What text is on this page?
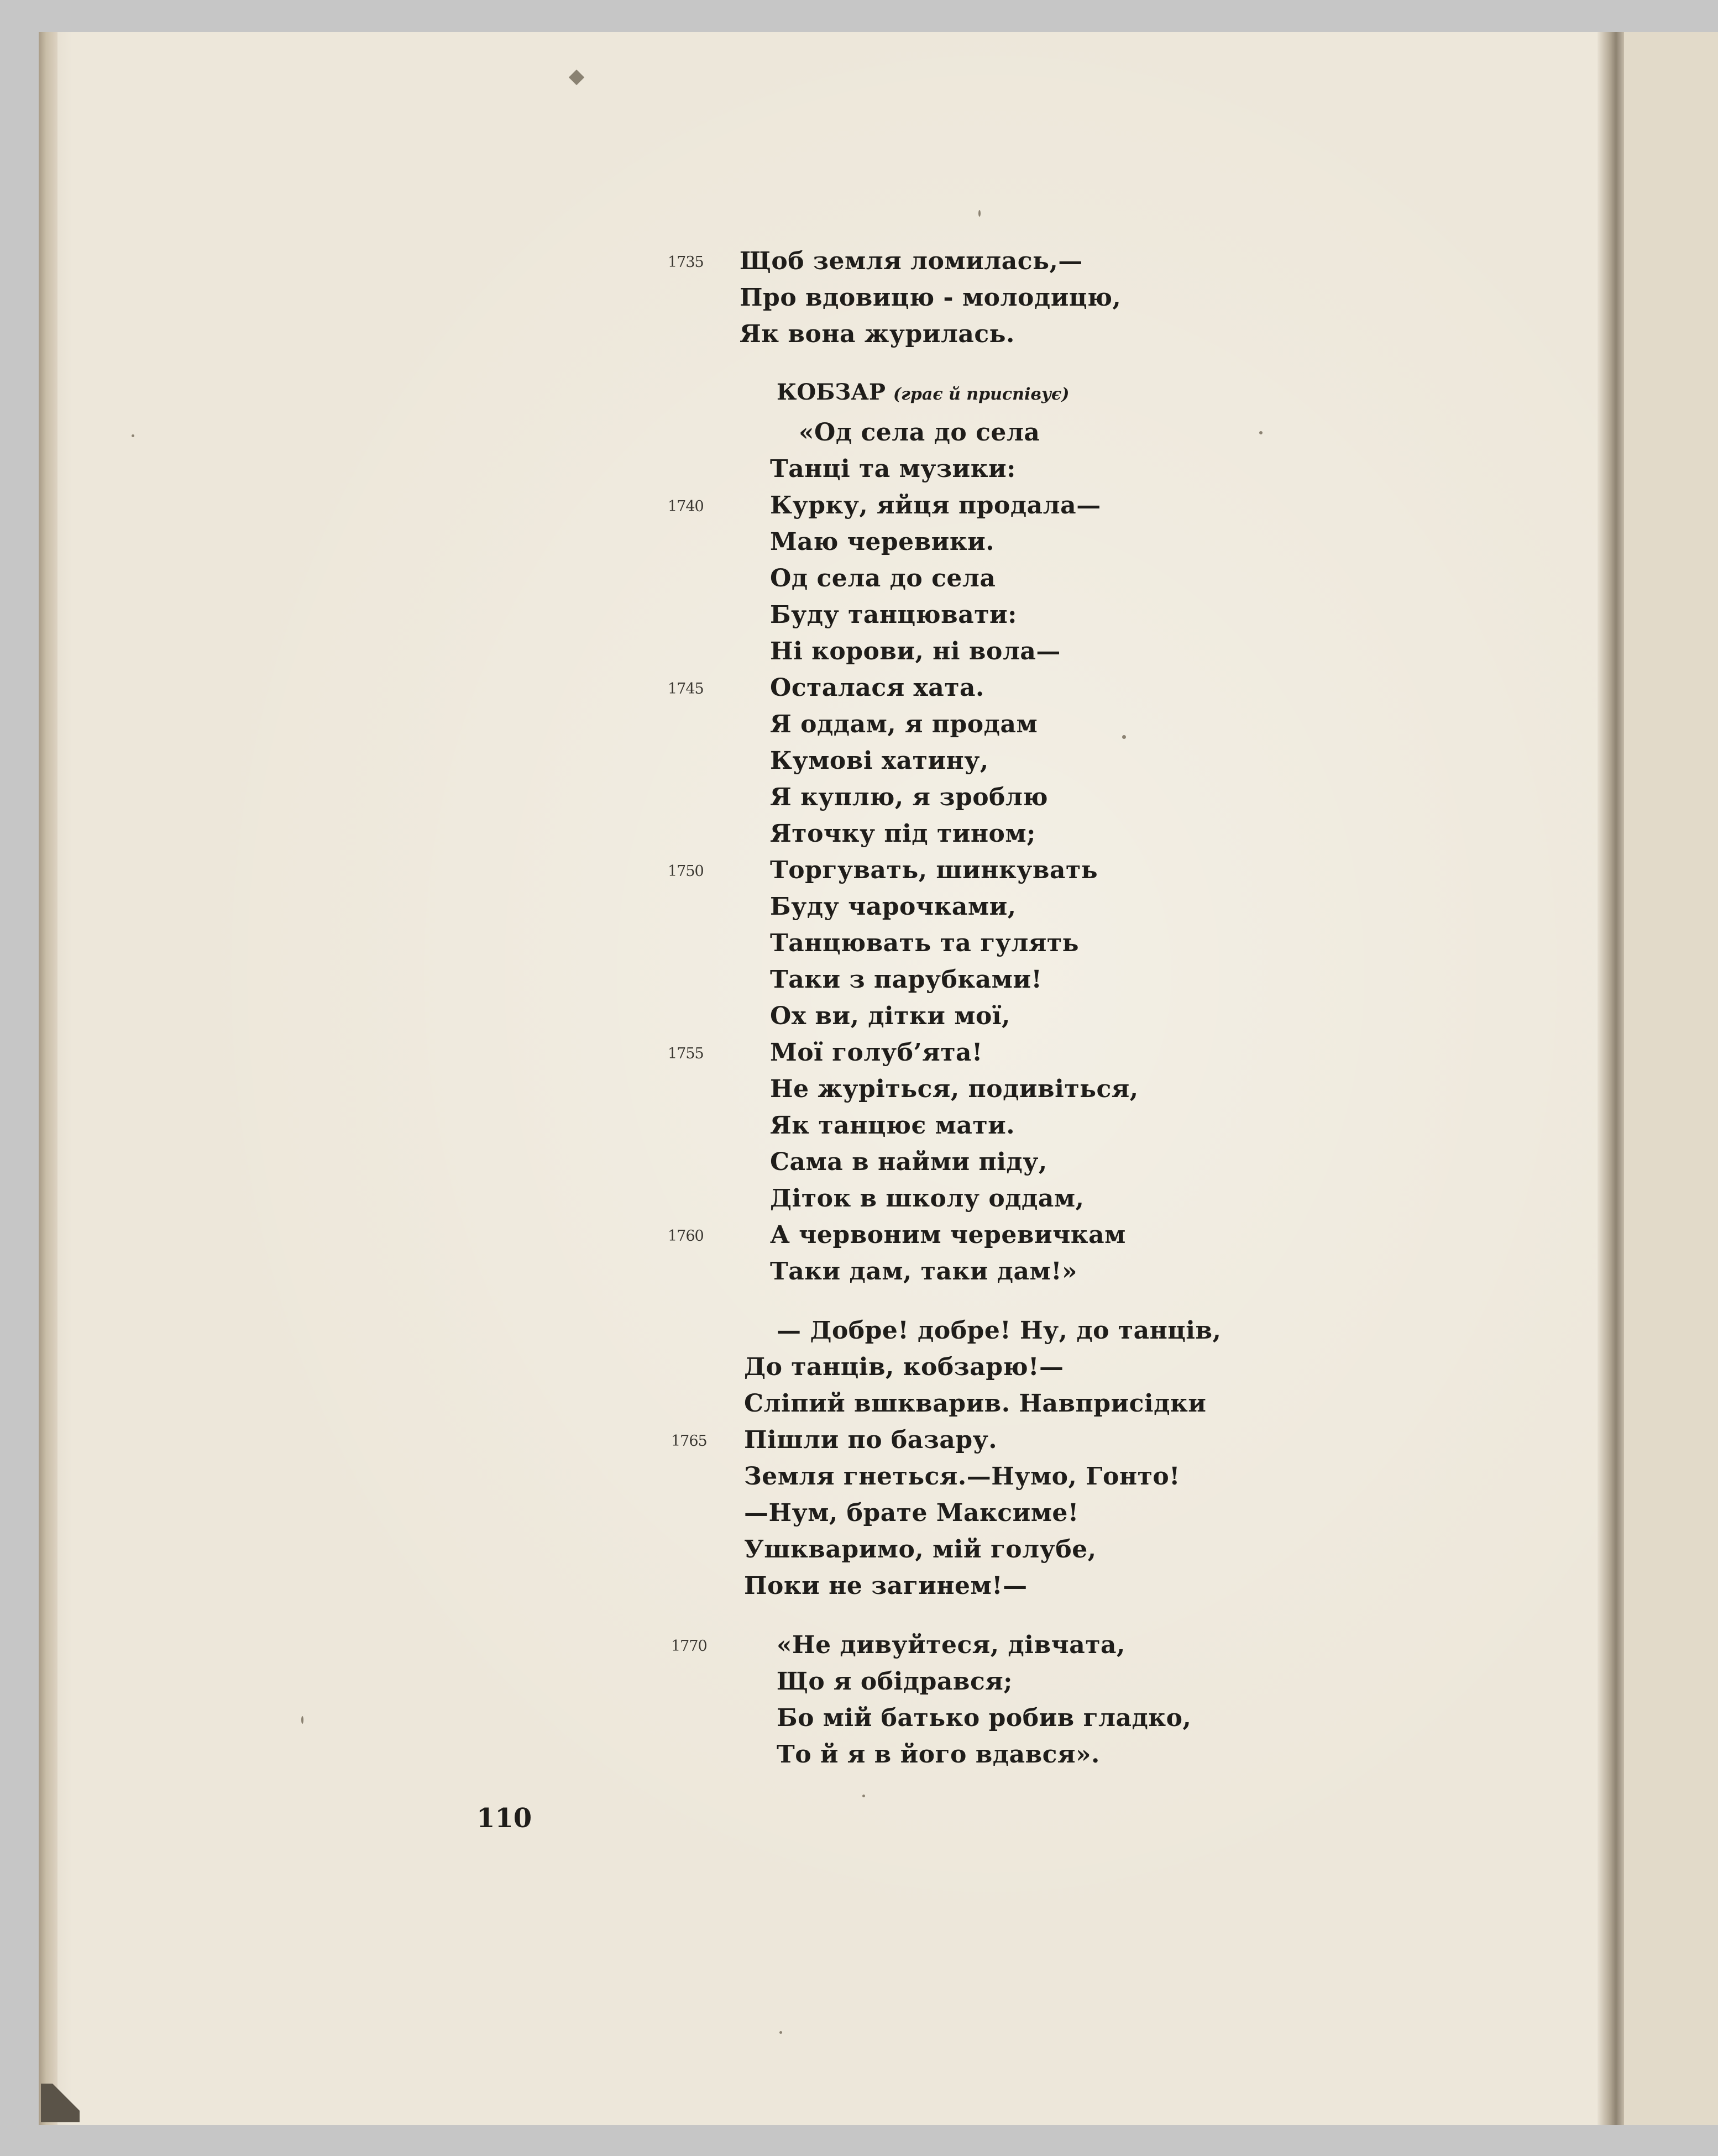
1735 Щоб земля ломилась,—
Про вдовицю - молодицю,
Як вона журилась.
КОБЗАР (грає й приспівує)
«Од села до села
Танці та музики:
1740	Курку, яйця продала—
Маю черевики.
Од села до села
Буду танцювати:
Ні корови, ні вола—
1745	Осталася хата.
Я оддам, я продам
Кумові хатину,
Я куплю, я зроблю
Яточку під тином;
1750	Торгувать, шинкувать
Буду чарочками,
Танцювать та гулять
Таки з парубками!
Ох ви, дітки мої,
1755	Мої голуб’ята!
Не журіться, подивіться,
Як танцює мати.
Сама в найми піду,
Діток в школу оддам,
1760	А червоним черевичкам
Таки дам, таки дам!»
— Добре! добре! Ну, до танців,
До танців, кобзарю!—
Сліпий вшкварив. Навприсідки
1765 Пішли по базару.
Земля гнеться.—Нумо, Гонто!
—Нум, брате Максиме!
Ушкваримо, мій голубе,
Поки не загинем!—
1770	«Не дивуйтеся, дівчата,
Що я обідрався;
Бо мій батько робив гладко,
То й я в його вдався».
110
